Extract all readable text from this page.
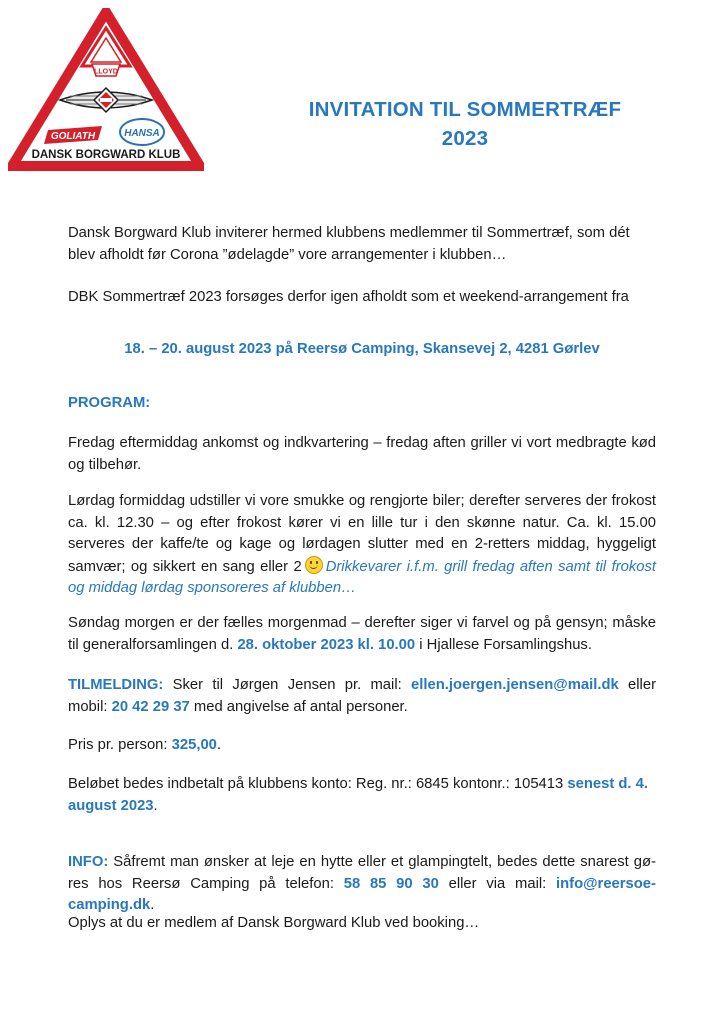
LLOYD
GOLIATH	HANSA
DANSK BORGWARD KLUB
INVITATION TIL SOMMERTRÆF
2023
Dansk Borgward Klub inviterer hermed klubbens medlemmer til Sommertræf, som dét
blev afholdt før Corona ”ødelagde” vore arrangementer i klubben…
DBK Sommertræf 2023 forsøges derfor igen afholdt som et weekend-arrangement fra
18. – 20. august 2023 på Reersø Camping, Skansevej 2, 4281 Gørlev
PROGRAM:
Fredag eftermiddag ankomst og indkvartering – fredag aften griller vi vort medbragte kød og tilbehør.
Lørdag formiddag udstiller vi vore smukke og rengjorte biler; derefter serveres der frokost ca. kl. 12.30 – og efter frokost kører vi en lille tur i den skønne natur. Ca. kl. 15.00 serveres der kaffe/te og kage og lørdagen slutter med en 2-retters middag, hyggeligt samvær; og sikkert en sang eller 2 Drikkevarer i.f.m. grill fredag aften samt til frokost og middag lørdag sponsoreres af klubben…
Søndag morgen er der fælles morgenmad – derefter siger vi farvel og på gensyn; måske til generalforsamlingen d. 28. oktober 2023 kl. 10.00 i Hjallese Forsamlingshus.
TILMELDING: Sker til Jørgen Jensen pr. mail: ellen.joergen.jensen@mail.dk eller mobil: 20 42 29 37 med angivelse af antal personer.
Pris pr. person: 325,00.
Beløbet bedes indbetalt på klubbens konto: Reg. nr.: 6845 kontonr.: 105413 senest d. 4. august 2023.
INFO: Såfremt man ønsker at leje en hytte eller et glampingtelt, bedes dette snarest gøres hos Reersø Camping på telefon: 58 85 90 30 eller via mail: info@reersoe-camping.dk.
Oplys at du er medlem af Dansk Borgward Klub ved booking…
